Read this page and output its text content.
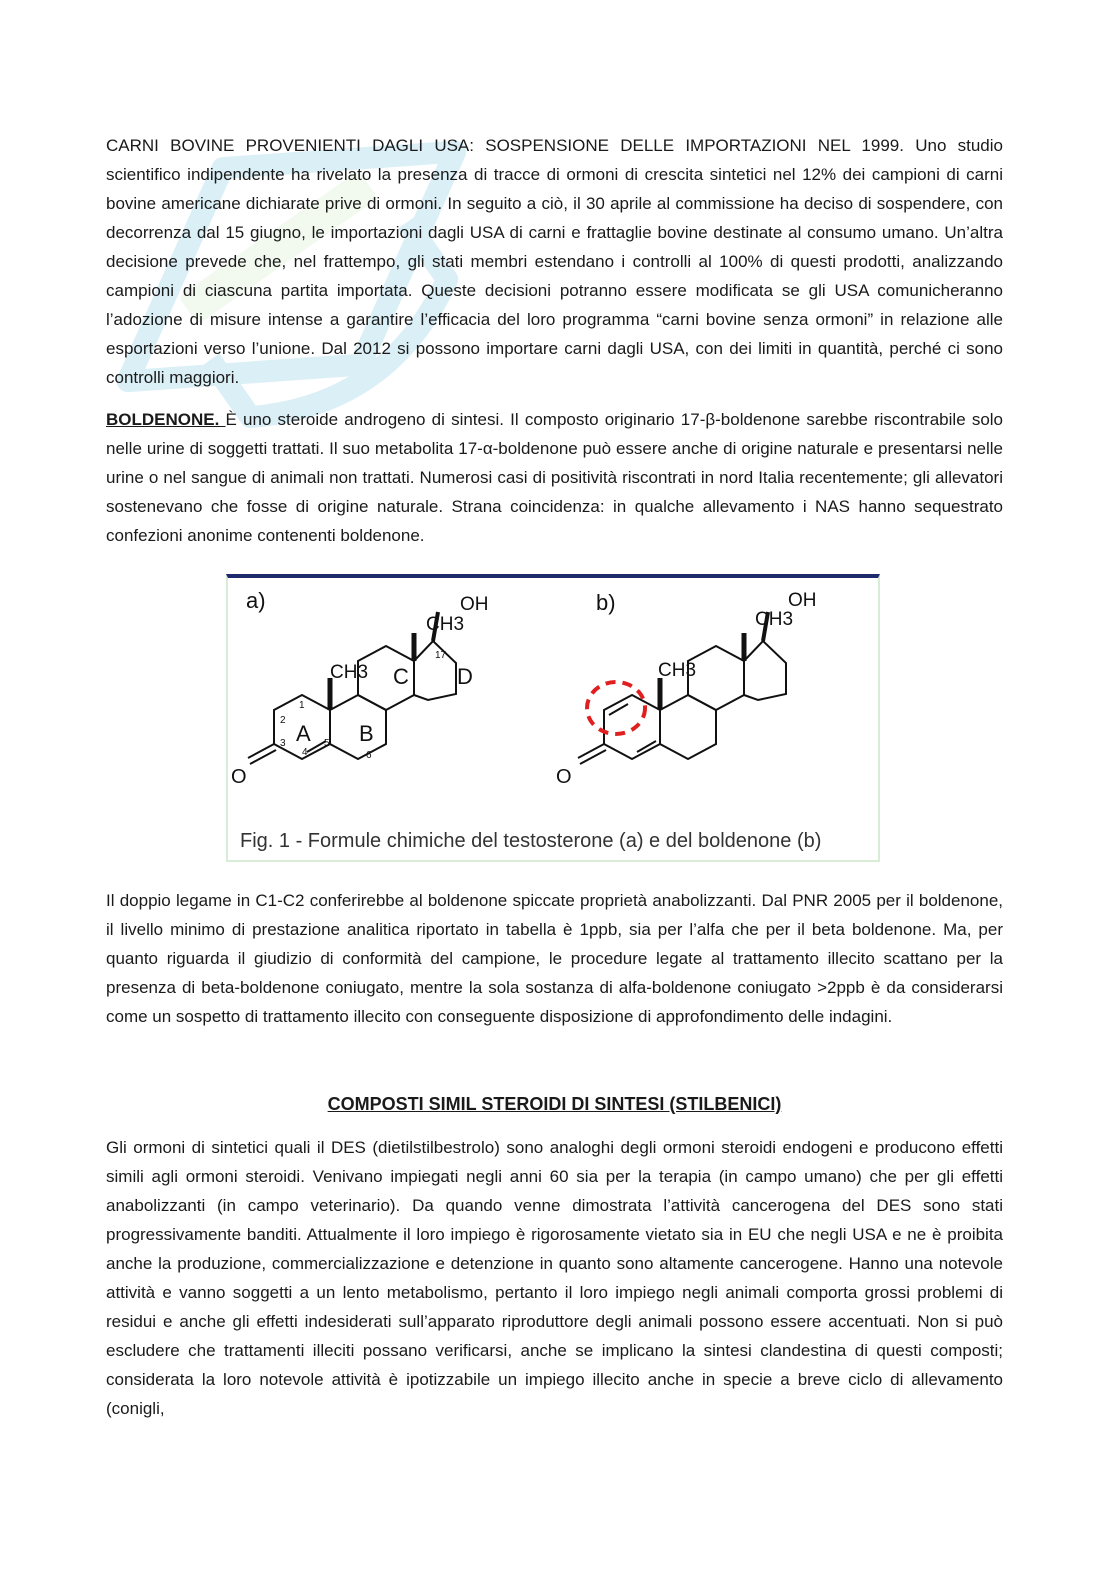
CARNI BOVINE PROVENIENTI DAGLI USA: SOSPENSIONE DELLE IMPORTAZIONI NEL 1999. Uno studio scientifico indipendente ha rivelato la presenza di tracce di ormoni di crescita sintetici nel 12% dei campioni di carni bovine americane dichiarate prive di ormoni. In seguito a ciò, il 30 aprile al commissione ha deciso di sospendere, con decorrenza dal 15 giugno, le importazioni dagli USA di carni e frattaglie bovine destinate al consumo umano. Un’altra decisione prevede che, nel frattempo, gli stati membri estendano i controlli al 100% di questi prodotti, analizzando campioni di ciascuna partita importata. Queste decisioni potranno essere modificata se gli USA comunicheranno l’adozione di misure intense a garantire l’efficacia del loro programma “carni bovine senza ormoni” in relazione alle esportazioni verso l’unione. Dal 2012 si possono importare carni dagli USA, con dei limiti in quantità, perché ci sono controlli maggiori.

BOLDENONE. È uno steroide androgeno di sintesi. Il composto originario 17-β-boldenone sarebbe riscontrabile solo nelle urine di soggetti trattati. Il suo metabolita 17-α-boldenone può essere anche di origine naturale e presentarsi nelle urine o nel sangue di animali non trattati. Numerosi casi di positività riscontrati in nord Italia recentemente; gli allevatori sostenevano che fosse di origine naturale. Strana coincidenza: in qualche allevamento i NAS hanno sequestrato confezioni anonime contenenti boldenone.

a)	OH
CH3
CH3
O
A B
C D
1
2
3
4
5
6
17
b)	OH
CH3
CH3
O
Fig. 1 - Formule chimiche del testosterone (a) e del boldenone (b)

Il doppio legame in C1-C2 conferirebbe al boldenone spiccate proprietà anabolizzanti. Dal PNR 2005 per il boldenone, il livello minimo di prestazione analitica riportato in tabella è 1ppb, sia per l’alfa che per il beta boldenone. Ma, per quanto riguarda il giudizio di conformità del campione, le procedure legate al trattamento illecito scattano per la presenza di beta-boldenone coniugato, mentre la sola sostanza di alfa-boldenone coniugato >2ppb è da considerarsi come un sospetto di trattamento illecito con conseguente disposizione di approfondimento delle indagini.

COMPOSTI SIMIL STEROIDI DI SINTESI (STILBENICI)

Gli ormoni di sintetici quali il DES (dietilstilbestrolo) sono analoghi degli ormoni steroidi endogeni e producono effetti simili agli ormoni steroidi. Venivano impiegati negli anni 60 sia per la terapia (in campo umano) che per gli effetti anabolizzanti (in campo veterinario). Da quando venne dimostrata l’attività cancerogena del DES sono stati progressivamente banditi. Attualmente il loro impiego è rigorosamente vietato sia in EU che negli USA e ne è proibita anche la produzione, commercializzazione e detenzione in quanto sono altamente cancerogene. Hanno una notevole attività e vanno soggetti a un lento metabolismo, pertanto il loro impiego negli animali comporta grossi problemi di residui e anche gli effetti indesiderati sull’apparato riproduttore degli animali possono essere accentuati. Non si può escludere che trattamenti illeciti possano verificarsi, anche se implicano la sintesi clandestina di questi composti; considerata la loro notevole attività è ipotizzabile un impiego illecito anche in specie a breve ciclo di allevamento (conigli,
